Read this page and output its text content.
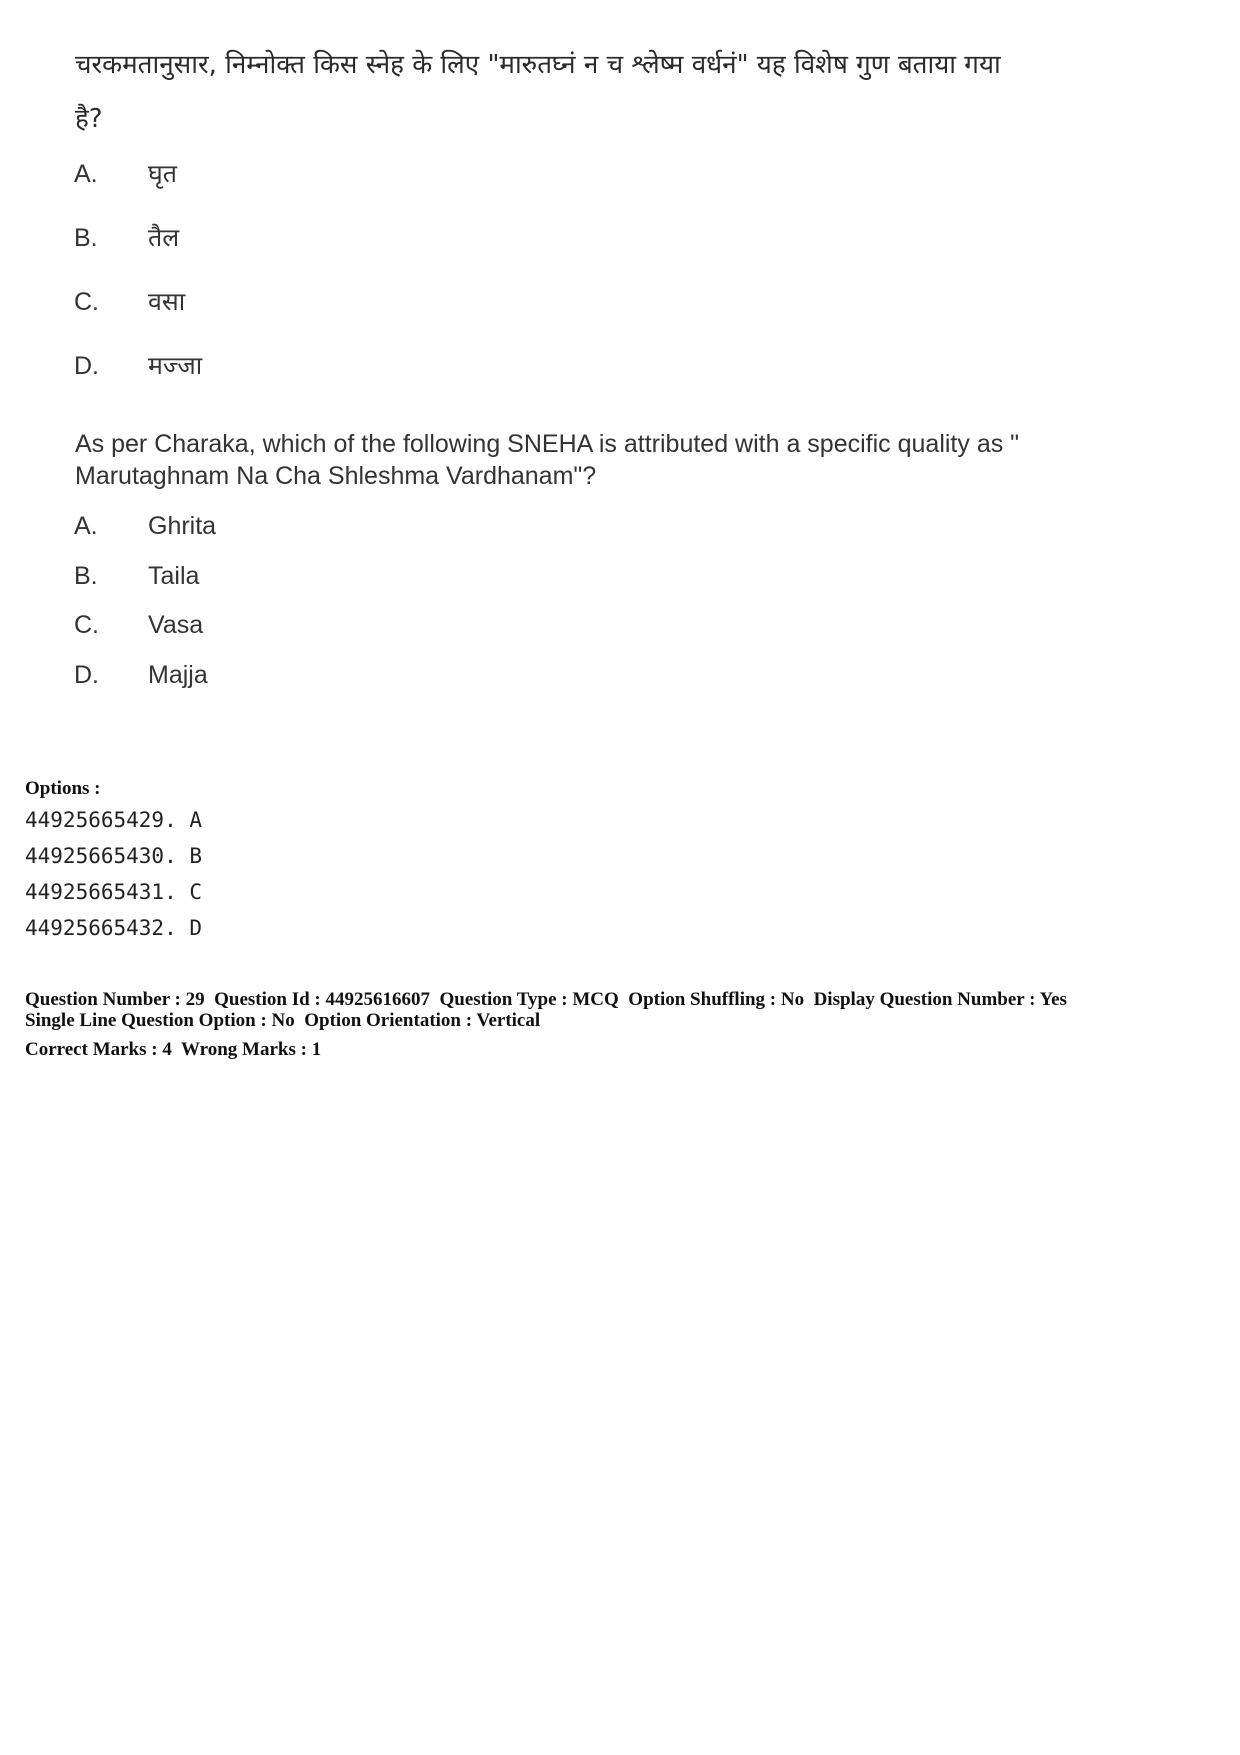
चरकमतानुसार, निम्नोक्त किस स्नेह के लिए "मारुतघ्नं न च श्लेष्म वर्धनं" यह विशेष गुण बताया गया
है?

A. घृत
B. तैल
C. वसा
D. मज्जा

As per Charaka, which of the following SNEHA is attributed with a specific quality as "
Marutaghnam Na Cha Shleshma Vardhanam"?

A. Ghrita
B. Taila
C. Vasa
D. Majja

Options :

44925665429. A
44925665430. B
44925665431. C
44925665432. D
Question Number : 29  Question Id : 44925616607  Question Type : MCQ  Option Shuffling : No  Display Question Number : Yes
Single Line Question Option : No  Option Orientation : Vertical
Correct Marks : 4  Wrong Marks : 1
